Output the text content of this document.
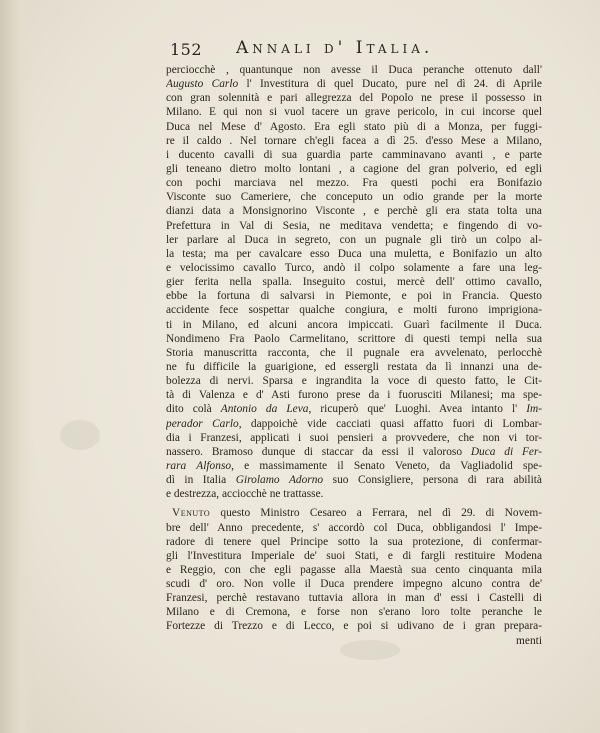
152 Annali d' Italia.
perciocchè , quantunque non avesse il Duca peranche ottenuto dall'
Augusto Carlo l' Investitura di quel Ducato, pure nel dì 24. di Aprile
con gran solennità e pari allegrezza del Popolo ne prese il possesso in
Milano. E qui non si vuol tacere un grave pericolo, in cui incorse quel
Duca nel Mese d' Agosto. Era egli stato più di a Monza, per fuggi-
re il caldo . Nel tornare ch'egli facea a dì 25. d'esso Mese a Milano,
i ducento cavalli di sua guardia parte camminavano avanti , e parte
gli teneano dietro molto lontani , a cagione del gran polverio, ed egli
con pochi marciava nel mezzo. Fra questi pochi era Bonifazio
Visconte suo Cameriere, che conceputo un odio grande per la morte
dianzi data a Monsignorino Visconte , e perchè gli era stata tolta una
Prefettura in Val di Sesia, ne meditava vendetta; e fingendo di vo-
ler parlare al Duca in segreto, con un pugnale gli tirò un colpo al-
la testa; ma per cavalcare esso Duca una muletta, e Bonifazio un alto
e velocissimo cavallo Turco, andò il colpo solamente a fare una leg-
gier ferita nella spalla. Inseguito costui, mercè dell' ottimo cavallo,
ebbe la fortuna di salvarsi in Piemonte, e poi in Francia. Questo
accidente fece sospettar qualche congiura, e molti furono imprigiona-
ti in Milano, ed alcuni ancora impiccati. Guarì facilmente il Duca.
Nondimeno Fra Paolo Carmelitano, scrittore di questi tempi nella sua
Storia manuscritta racconta, che il pugnale era avvelenato, perlocchè
ne fu difficile la guarigione, ed essergli restata da lì innanzi una de-
bolezza di nervi. Sparsa e ingrandita la voce di questo fatto, le Cit-
tà di Valenza e d' Asti furono prese da i fuorusciti Milanesi; ma spe-
dito colà Antonio da Leva, ricuperò que' Luoghi. Avea intanto l' Im-
perador Carlo, dappoichè vide cacciati quasi affatto fuori di Lombar-
dia i Franzesi, applicati i suoi pensieri a provvedere, che non vi tor-
nassero. Bramoso dunque di staccar da essi il valoroso Duca di Fer-
rara Alfonso, e massimamente il Senato Veneto, da Vagliadolid spe-
dì in Italia Girolamo Adorno suo Consigliere, persona di rara abilità
e destrezza, acciocchè ne trattasse.
Venuto questo Ministro Cesareo a Ferrara, nel dì 29. di Novem-
bre dell' Anno precedente, s' accordò col Duca, obbligandosi l' Impe-
radore di tenere quel Principe sotto la sua protezione, di confermar-
gli l'Investitura Imperiale de' suoi Stati, e di fargli restituire Modena
e Reggio, con che egli pagasse alla Maestà sua cento cinquanta mila
scudi d' oro. Non volle il Duca prendere impegno alcuno contra de'
Franzesi, perchè restavano tuttavia allora in man d' essi i Castelli di
Milano e di Cremona, e forse non s'erano loro tolte peranche le
Fortezze di Trezzo e di Lecco, e poi si udivano de i gran prepara-
menti
